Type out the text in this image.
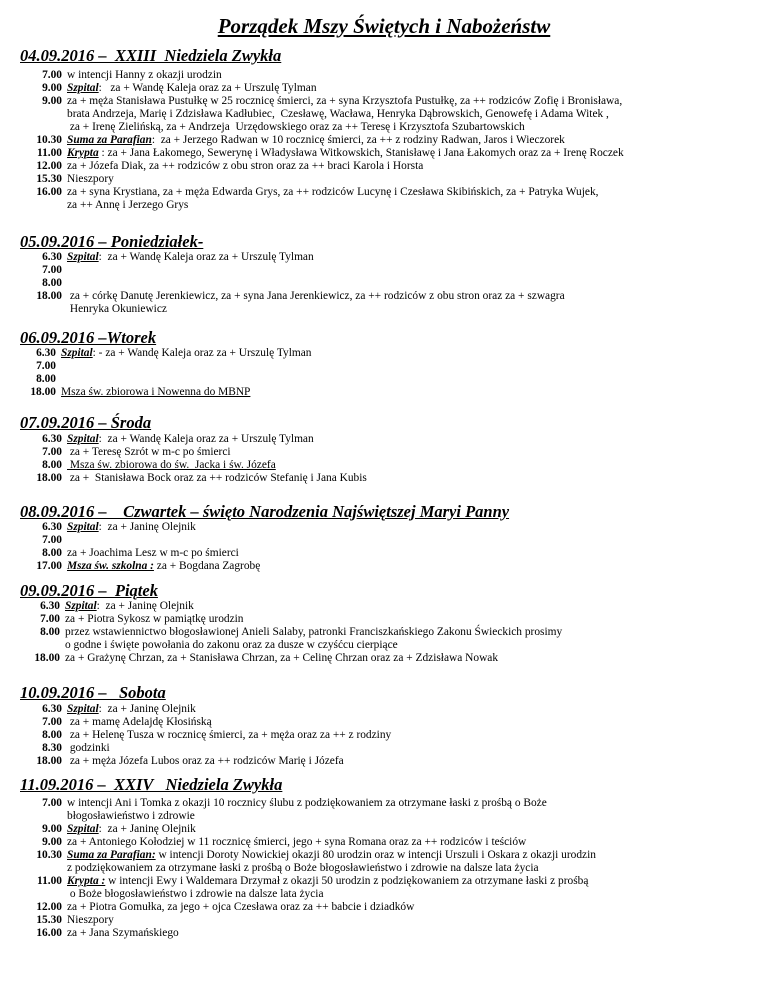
Porządek Mszy Świętych i Nabożeństw
04.09.2016 –  XXIII  Niedziela Zwykła
7.00 w intencji Hanny z okazji urodzin
9.00 Szpital:   za + Wandę Kaleja oraz za + Urszulę Tylman
9.00 za + męża Stanisława Pustułkę w 25 rocznicę śmierci, za + syna Krzysztofa Pustułkę, za ++ rodziców Zofię i Bronisława,
brata Andrzeja, Marię i Zdzisława Kadłubiec,  Czesławę, Wacława, Henryka Dąbrowskich, Genowefę i Adama Witek ,
za + Irenę Zielińską, za + Andrzeja  Urzędowskiego oraz za ++ Teresę i Krzysztofa Szubartowskich
10.30 Suma za Parafian:  za + Jerzego Radwan w 10 rocznicę śmierci, za ++ z rodziny Radwan, Jaros i Wieczorek
11.00 Krypta : za + Jana Łakomego, Sewerynę i Władysława Witkowskich, Stanisławę i Jana Łakomych oraz za + Irenę Roczek
12.00 za + Józefa Diak, za ++ rodziców z obu stron oraz za ++ braci Karola i Horsta
15.30 Nieszpory
16.00 za + syna Krystiana, za + męża Edwarda Grys, za ++ rodziców Lucynę i Czesława Skibińskich, za + Patryka Wujek,
za ++ Annę i Jerzego Grys
05.09.2016 – Poniedziałek-
6.30 Szpital:  za + Wandę Kaleja oraz za + Urszulę Tylman
7.00

8.00

18.00 za + córkę Danutę Jerenkiewicz, za + syna Jana Jerenkiewicz, za ++ rodziców z obu stron oraz za + szwagra
Henryka Okuniewicz
06.09.2016 –Wtorek
6.30 Szpital: - za + Wandę Kaleja oraz za + Urszulę Tylman
7.00

8.00

18.00 Msza św. zbiorowa i Nowenna do MBNP
07.09.2016 – Środa
6.30 Szpital:  za + Wandę Kaleja oraz za + Urszulę Tylman
7.00 za + Teresę Szrót w m-c po śmierci
8.00 Msza św. zbiorowa do św.  Jacka i św. Józefa
18.00 za +  Stanisława Bock oraz za ++ rodziców Stefanię i Jana Kubis
08.09.2016 –    Czwartek – święto Narodzenia Najświętszej Maryi Panny
6.30 Szpital:  za + Janinę Olejnik
7.00

8.00 za + Joachima Lesz w m-c po śmierci
17.00 Msza św. szkolna : za + Bogdana Zagrobę
09.09.2016 –  Piątek
6.30 Szpital:  za + Janinę Olejnik
7.00 za + Piotra Sykosz w pamiątkę urodzin
8.00 przez wstawiennictwo błogosławionej Anieli Salaby, patronki Franciszkańskiego Zakonu Świeckich prosimy
o godne i święte powołania do zakonu oraz za dusze w czyśćcu cierpiące
18.00 za + Grażynę Chrzan, za + Stanisława Chrzan, za + Celinę Chrzan oraz za + Zdzisława Nowak
10.09.2016 –   Sobota
6.30 Szpital:  za + Janinę Olejnik
7.00 za + mamę Adelajdę Kłosińską
8.00 za + Helenę Tusza w rocznicę śmierci, za + męża oraz za ++ z rodziny
8.30 godzinki
18.00 za + męża Józefa Lubos oraz za ++ rodziców Marię i Józefa
11.09.2016 –  XXIV   Niedziela Zwykła
7.00 w intencji Ani i Tomka z okazji 10 rocznicy ślubu z podziękowaniem za otrzymane łaski z prośbą o Boże
błogosławieństwo i zdrowie
9.00 Szpital:  za + Janinę Olejnik
9.00 za + Antoniego Kołodziej w 11 rocznicę śmierci, jego + syna Romana oraz za ++ rodziców i teściów
10.30 Suma za Parafian: w intencji Doroty Nowickiej okazji 80 urodzin oraz w intencji Urszuli i Oskara z okazji urodzin
z podziękowaniem za otrzymane łaski z prośbą o Boże błogosławieństwo i zdrowie na dalsze lata życia
11.00 Krypta : w intencji Ewy i Waldemara Drzymał z okazji 50 urodzin z podziękowaniem za otrzymane łaski z prośbą
o Boże błogosławieństwo i zdrowie na dalsze lata życia
12.00 za + Piotra Gomułka, za jego + ojca Czesława oraz za ++ babcie i dziadków
15.30 Nieszpory
16.00 za + Jana Szymańskiego
